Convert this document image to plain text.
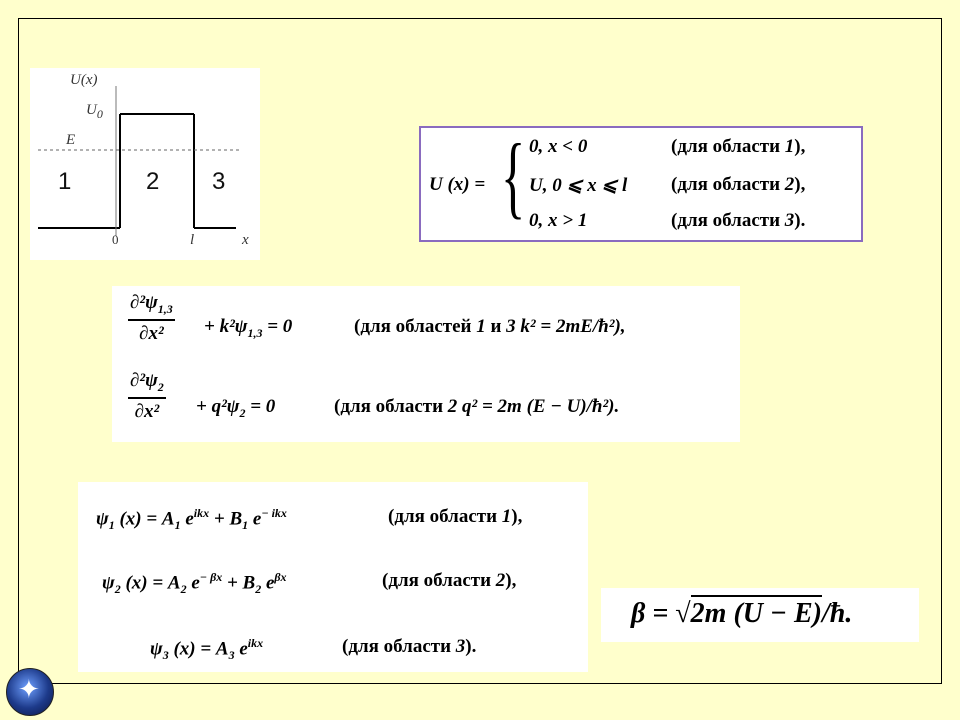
U(x)
$U_0$
E
1	2 3
0	l	x
U (x) = { 0, x < 0	(для области 1),
U, 0 ⩽ x ⩽ l (для области 2),
0, x > 1	(для области 3).
$\frac{\partial^2\psi_{1,3}}{\text{∂x²}} + k^2\psi_{1,3} = 0$	(для областей 1 и 3 k² = 2mE/ħ²),
$\frac{\partial^2\psi_2}{\text{∂x²}} + q^2\psi_2 = 0$	(для области 2 q² = 2m (E − U)/ħ²).
$\psi_1$ $(x) = A_1$ $e^{ikx} + B_1$ $e^{- ikx}$	(для области 1),
$\psi_2$ $(x) = A_2$ $e^{- \beta x} + B_2$ $e^{\beta x}$	(для области 2),
$\psi_3$ $(x) = A_3$ $e^{ikx}$	(для области 3).
β = √2m (U − E)/ħ.
✦
